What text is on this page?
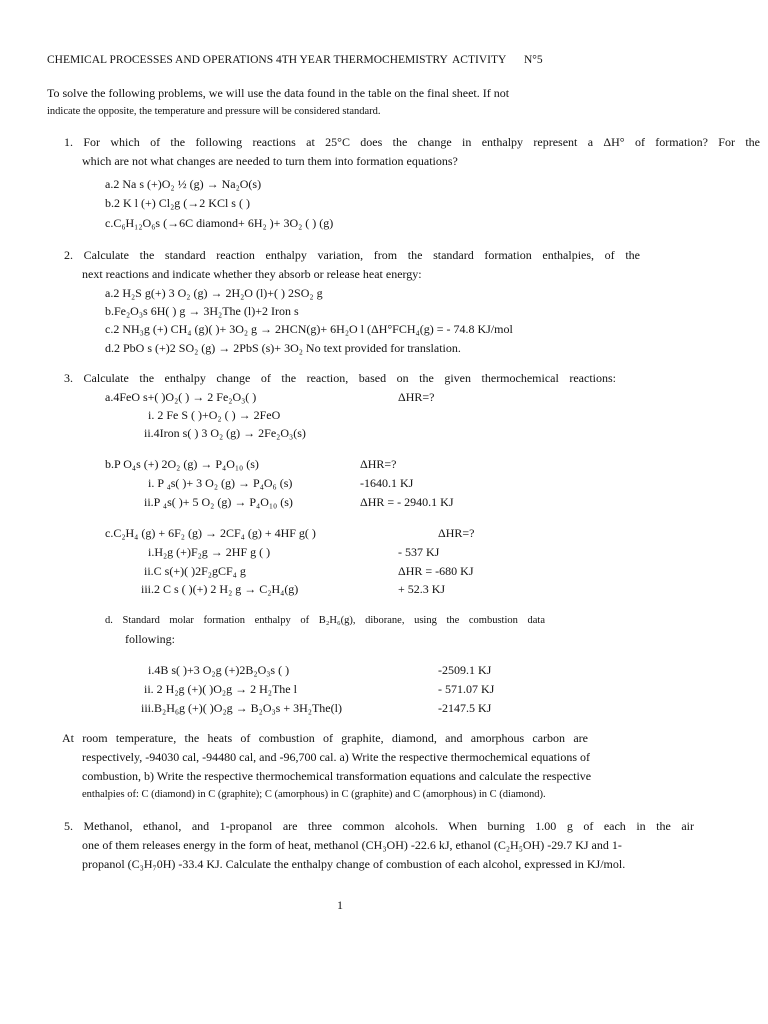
CHEMICAL PROCESSES AND OPERATIONS 4TH YEAR THERMOCHEMISTRY ACTIVITY N°5
To solve the following problems, we will use the data found in the table on the final sheet. If not
indicate the opposite, the temperature and pressure will be considered standard.
1. For which of the following reactions at 25°C does the change in enthalpy represent a ΔH° of formation? For the
which are not what changes are needed to turn them into formation equations?
a.2 Na s (+)O₂ ½ (g) → Na₂O(s)
b.2 K l (+) Cl₂g (→2 KCl s ( )
c.C₆H₁₂O₆s (→6C diamond+ 6H₂ )+ 3O₂ ( ) (g)
2. Calculate the standard reaction enthalpy variation, from the standard formation enthalpies, of the
next reactions and indicate whether they absorb or release heat energy:
a.2 H₂S g(+) 3 O₂ (g) → 2H₂O (l)+( ) 2SO₂ g
b.Fe₂O₃s 6H( ) g → 3H₂The (l)+2 Iron s
c.2 NH₃g (+) CH₄ (g)( )+ 3O₂ g → 2HCN(g)+ 6H₂O l (ΔH°FCH₄(g) = - 74.8 KJ/mol
d.2 PbO s (+)2 SO₂ (g) → 2PbS (s)+ 3O₂ No text provided for translation.
3. Calculate the enthalpy change of the reaction, based on the given thermochemical reactions:
a.4FeO s+( )O₂( ) → 2 Fe₂O₃( )	ΔHR=?
i. 2 Fe S ( )+O₂ ( ) → 2FeO
ii.4Iron s( ) 3 O₂ (g) → 2Fe₂O₃(s)
b.P O₄s (+) 2O₂ (g) → P₄O₁₀ (s)	ΔHR=?
i. P ₄s( )+ 3 O₂ (g) → P₄O₆ (s)	-1640.1 KJ
ii.P ₄s( )+ 5 O₂ (g) → P₄O₁₀ (s)	ΔHR = - 2940.1 KJ
c.C₂H₄ (g) + 6F₂ (g) → 2CF₄ (g) + 4HF g( )	ΔHR=?
i.H₂g (+)F₂g → 2HF g ( )	- 537 KJ
ii.C s(+)( )2F₂gCF₄ g	ΔHR = -680 KJ
iii.2 C s ( )(+) 2 H₂ g → C₂H₄(g)	+ 52.3 KJ
d. Standard molar formation enthalpy of B₂H₆(g), diborane, using the combustion data
following:
i.4B s( )+3 O₂g (+)2B₂O₃s ( )	-2509.1 KJ
ii. 2 H₂g (+)( )O₂g → 2 H₂The l	- 571.07 KJ
iii.B₂H₆g (+)( )O₂g → B₂O₃s + 3H₂The(l)	-2147.5 KJ
At room temperature, the heats of combustion of graphite, diamond, and amorphous carbon are
respectively, -94030 cal, -94480 cal, and -96,700 cal. a) Write the respective thermochemical equations of
combustion, b) Write the respective thermochemical transformation equations and calculate the respective
enthalpies of: C (diamond) in C (graphite); C (amorphous) in C (graphite) and C (amorphous) in C (diamond).
5. Methanol, ethanol, and 1-propanol are three common alcohols. When burning 1.00 g of each in the air
one of them releases energy in the form of heat, methanol (CH₃OH) -22.6 kJ, ethanol (C₂H₅OH) -29.7 KJ and 1-
propanol (C₃H₇0H) -33.4 KJ. Calculate the enthalpy change of combustion of each alcohol, expressed in KJ/mol.
1
